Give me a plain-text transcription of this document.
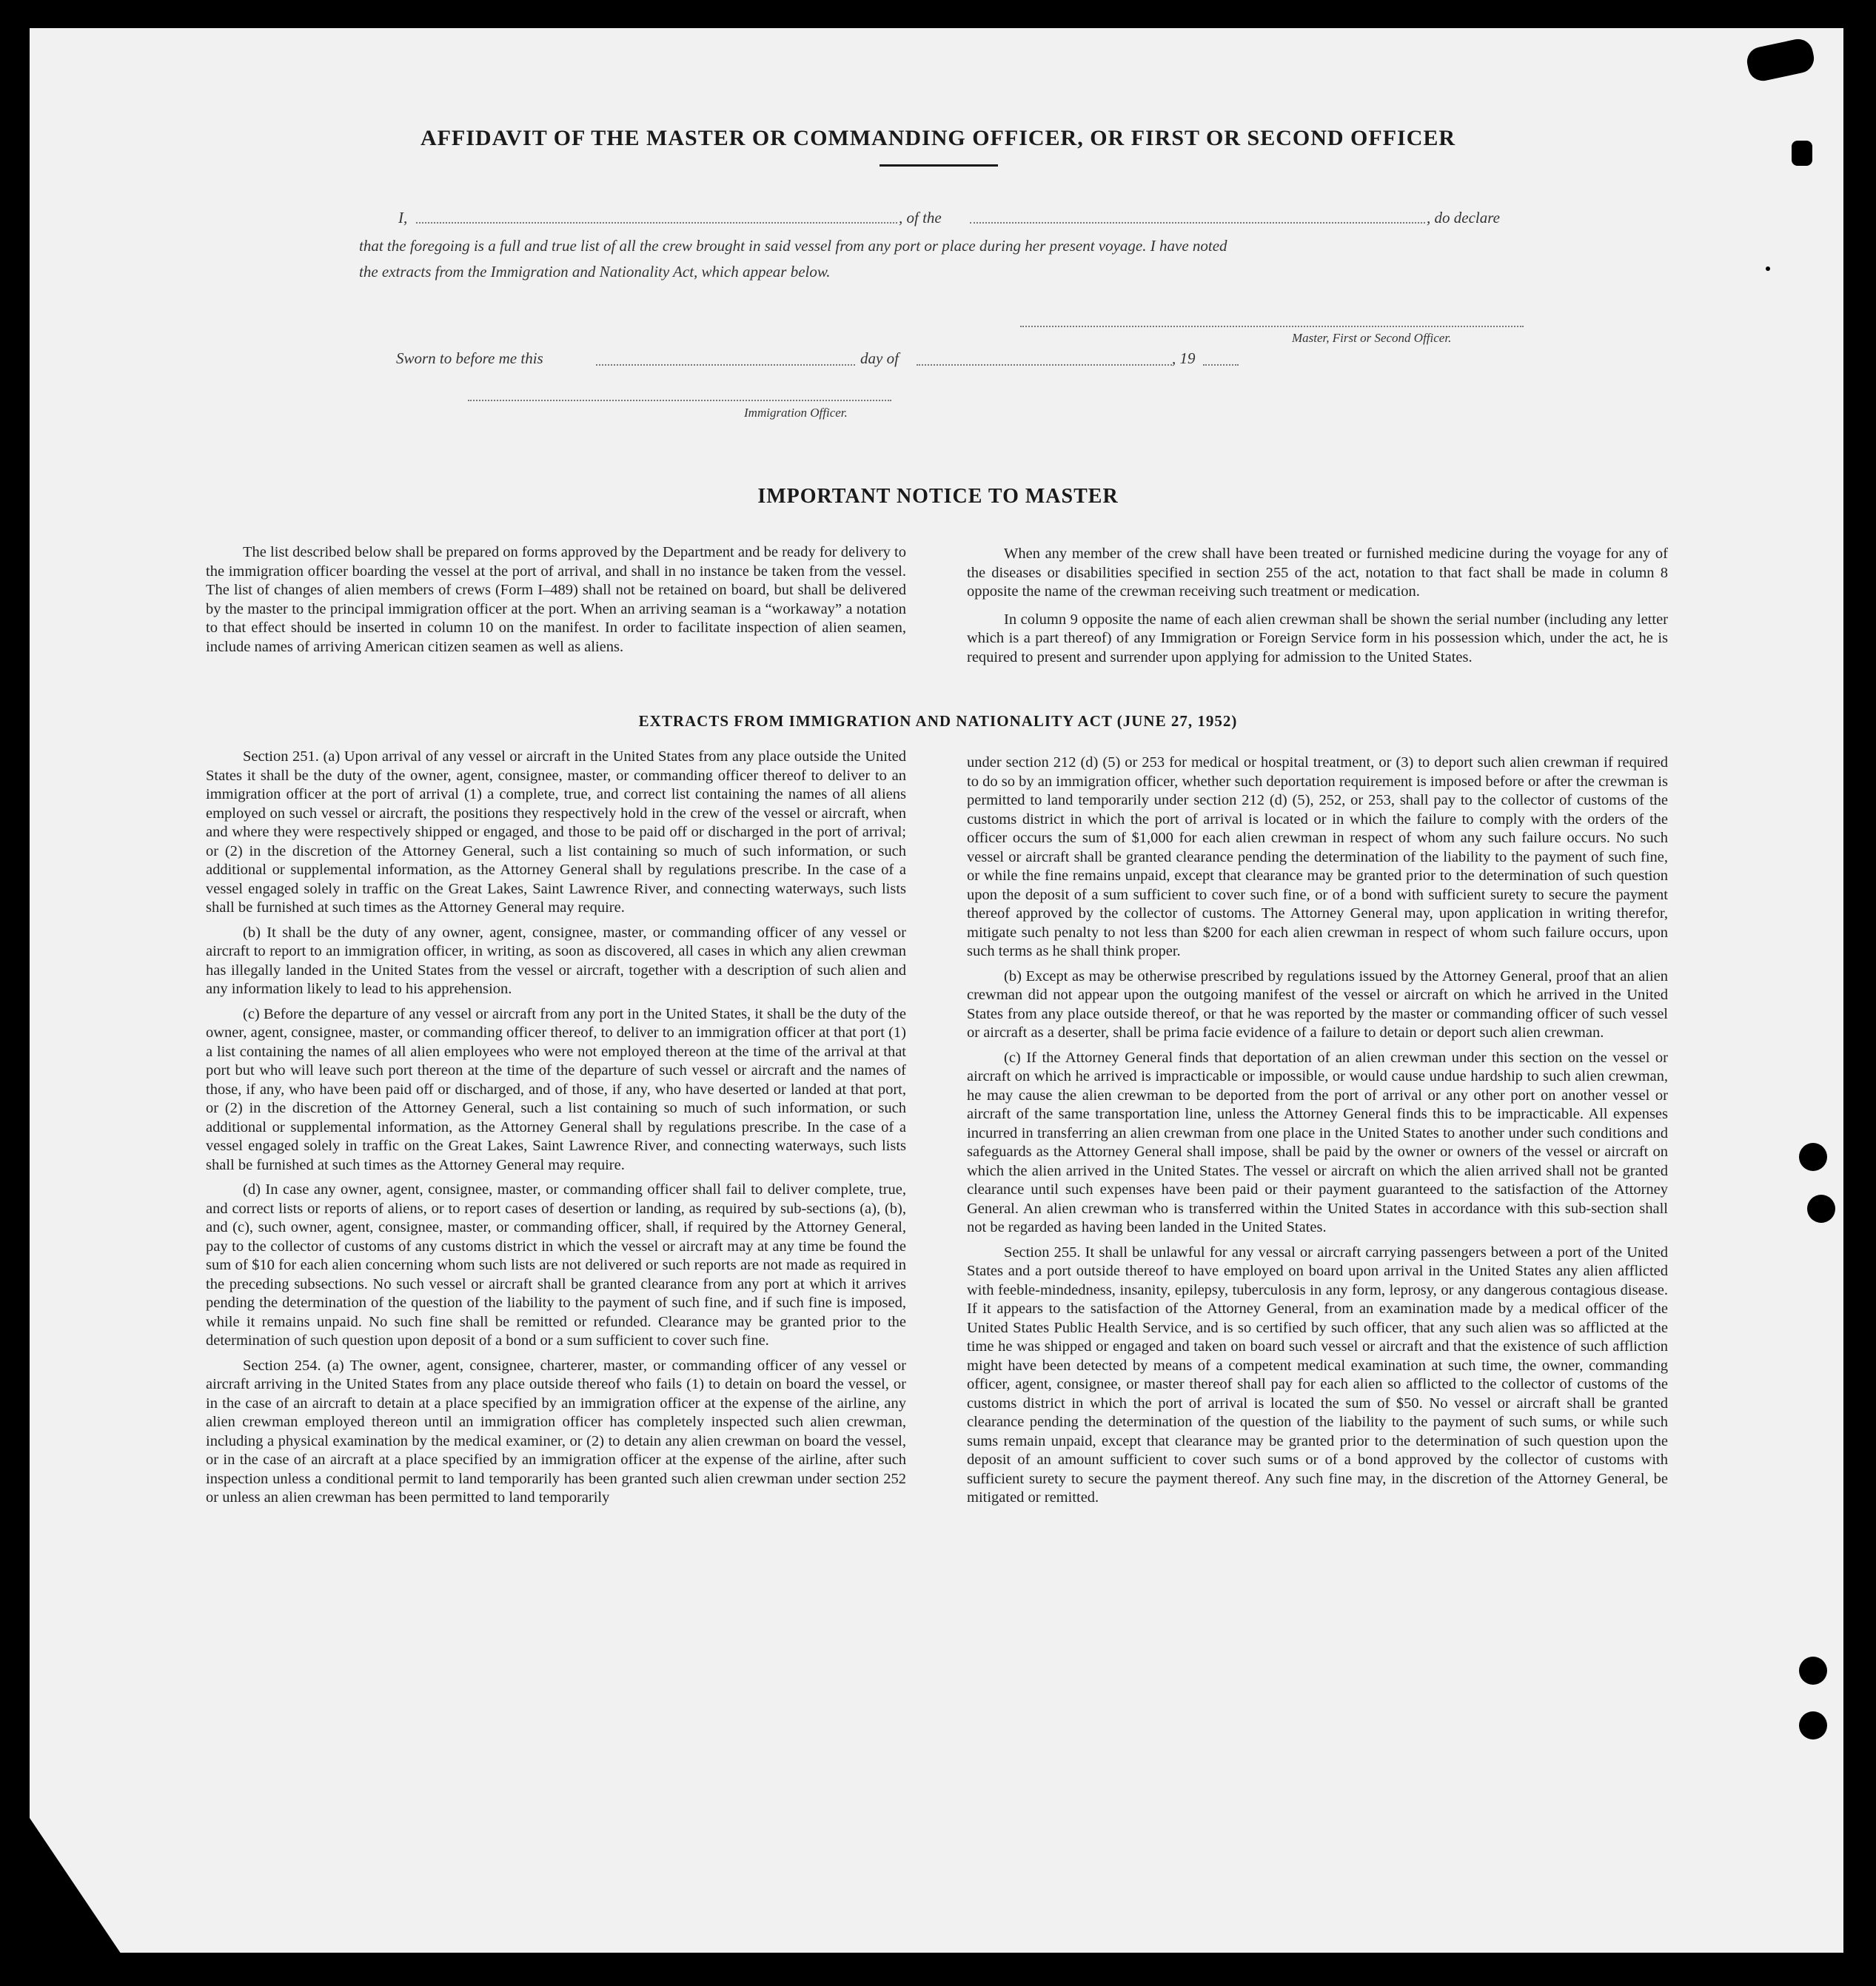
AFFIDAVIT OF THE MASTER OR COMMANDING OFFICER, OR FIRST OR SECOND OFFICER
I,	, of the	, do declare
that the foregoing is a full and true list of all the crew brought in said vessel from any port or place during her present voyage. I have noted
the extracts from the Immigration and Nationality Act, which appear below.
Master, First or Second Officer.
Sworn to before me this	day of	, 19
Immigration Officer.
IMPORTANT NOTICE TO MASTER

The list described below shall be prepared on forms approved by the Department and be ready for delivery to the immigration officer boarding the vessel at the port of arrival, and shall in no instance be taken from the vessel. The list of changes of alien members of crews (Form I–489) shall not be retained on board, but shall be delivered by the master to the principal immigration officer at the port. When an arriving seaman is a “workaway” a notation to that effect should be inserted in column 10 on the manifest. In order to facilitate inspection of alien seamen, include names of arriving American citizen seamen as well as aliens.

When any member of the crew shall have been treated or furnished medicine during the voyage for any of the diseases or disabilities specified in section 255 of the act, notation to that fact shall be made in column 8 opposite the name of the crewman receiving such treatment or medication.

In column 9 opposite the name of each alien crewman shall be shown the serial number (including any letter which is a part thereof) of any Immigration or Foreign Service form in his possession which, under the act, he is required to present and surrender upon applying for admission to the United States.

EXTRACTS FROM IMMIGRATION AND NATIONALITY ACT (JUNE 27, 1952)

Section 251. (a) Upon arrival of any vessel or aircraft in the United States from any place outside the United States it shall be the duty of the owner, agent, consignee, master, or commanding officer thereof to deliver to an immigration officer at the port of arrival (1) a complete, true, and correct list containing the names of all aliens employed on such vessel or aircraft, the positions they respectively hold in the crew of the vessel or aircraft, when and where they were respectively shipped or engaged, and those to be paid off or discharged in the port of arrival; or (2) in the discretion of the Attorney General, such a list containing so much of such information, or such additional or supplemental information, as the Attorney General shall by regulations prescribe. In the case of a vessel engaged solely in traffic on the Great Lakes, Saint Lawrence River, and connecting waterways, such lists shall be furnished at such times as the Attorney General may require.

(b) It shall be the duty of any owner, agent, consignee, master, or commanding officer of any vessel or aircraft to report to an immigration officer, in writing, as soon as discovered, all cases in which any alien crewman has illegally landed in the United States from the vessel or aircraft, together with a description of such alien and any information likely to lead to his apprehension.

(c) Before the departure of any vessel or aircraft from any port in the United States, it shall be the duty of the owner, agent, consignee, master, or commanding officer thereof, to deliver to an immigration officer at that port (1) a list containing the names of all alien employees who were not employed thereon at the time of the arrival at that port but who will leave such port thereon at the time of the departure of such vessel or aircraft and the names of those, if any, who have been paid off or discharged, and of those, if any, who have deserted or landed at that port, or (2) in the discretion of the Attorney General, such a list containing so much of such information, or such additional or supplemental information, as the Attorney General shall by regulations prescribe. In the case of a vessel engaged solely in traffic on the Great Lakes, Saint Lawrence River, and connecting waterways, such lists shall be furnished at such times as the Attorney General may require.

(d) In case any owner, agent, consignee, master, or commanding officer shall fail to deliver complete, true, and correct lists or reports of aliens, or to report cases of desertion or landing, as required by sub-sections (a), (b), and (c), such owner, agent, consignee, master, or commanding officer, shall, if required by the Attorney General, pay to the collector of customs of any customs district in which the vessel or aircraft may at any time be found the sum of $10 for each alien concerning whom such lists are not delivered or such reports are not made as required in the preceding subsections. No such vessel or aircraft shall be granted clearance from any port at which it arrives pending the determination of the question of the liability to the payment of such fine, and if such fine is imposed, while it remains unpaid. No such fine shall be remitted or refunded. Clearance may be granted prior to the determination of such question upon deposit of a bond or a sum sufficient to cover such fine.

Section 254. (a) The owner, agent, consignee, charterer, master, or commanding officer of any vessel or aircraft arriving in the United States from any place outside thereof who fails (1) to detain on board the vessel, or in the case of an aircraft to detain at a place specified by an immigration officer at the expense of the airline, any alien crewman employed thereon until an immigration officer has completely inspected such alien crewman, including a physical examination by the medical examiner, or (2) to detain any alien crewman on board the vessel, or in the case of an aircraft at a place specified by an immigration officer at the expense of the airline, after such inspection unless a conditional permit to land temporarily has been granted such alien crewman under section 252 or unless an alien crewman has been permitted to land temporarily

under section 212 (d) (5) or 253 for medical or hospital treatment, or (3) to deport such alien crewman if required to do so by an immigration officer, whether such deportation requirement is imposed before or after the crewman is permitted to land temporarily under section 212 (d) (5), 252, or 253, shall pay to the collector of customs of the customs district in which the port of arrival is located or in which the failure to comply with the orders of the officer occurs the sum of $1,000 for each alien crewman in respect of whom any such failure occurs. No such vessel or aircraft shall be granted clearance pending the determination of the liability to the payment of such fine, or while the fine remains unpaid, except that clearance may be granted prior to the determination of such question upon the deposit of a sum sufficient to cover such fine, or of a bond with sufficient surety to secure the payment thereof approved by the collector of customs. The Attorney General may, upon application in writing therefor, mitigate such penalty to not less than $200 for each alien crewman in respect of whom such failure occurs, upon such terms as he shall think proper.

(b) Except as may be otherwise prescribed by regulations issued by the Attorney General, proof that an alien crewman did not appear upon the outgoing manifest of the vessel or aircraft on which he arrived in the United States from any place outside thereof, or that he was reported by the master or commanding officer of such vessel or aircraft as a deserter, shall be prima facie evidence of a failure to detain or deport such alien crewman.

(c) If the Attorney General finds that deportation of an alien crewman under this section on the vessel or aircraft on which he arrived is impracticable or impossible, or would cause undue hardship to such alien crewman, he may cause the alien crewman to be deported from the port of arrival or any other port on another vessel or aircraft of the same transportation line, unless the Attorney General finds this to be impracticable. All expenses incurred in transferring an alien crewman from one place in the United States to another under such conditions and safeguards as the Attorney General shall impose, shall be paid by the owner or owners of the vessel or aircraft on which the alien arrived in the United States. The vessel or aircraft on which the alien arrived shall not be granted clearance until such expenses have been paid or their payment guaranteed to the satisfaction of the Attorney General. An alien crewman who is transferred within the United States in accordance with this sub-section shall not be regarded as having been landed in the United States.

Section 255. It shall be unlawful for any vessal or aircraft carrying passengers between a port of the United States and a port outside thereof to have employed on board upon arrival in the United States any alien afflicted with feeble-mindedness, insanity, epilepsy, tuberculosis in any form, leprosy, or any dangerous contagious disease. If it appears to the satisfaction of the Attorney General, from an examination made by a medical officer of the United States Public Health Service, and is so certified by such officer, that any such alien was so afflicted at the time he was shipped or engaged and taken on board such vessel or aircraft and that the existence of such affliction might have been detected by means of a competent medical examination at such time, the owner, commanding officer, agent, consignee, or master thereof shall pay for each alien so afflicted to the collector of customs of the customs district in which the port of arrival is located the sum of $50. No vessel or aircraft shall be granted clearance pending the determination of the question of the liability to the payment of such sums, or while such sums remain unpaid, except that clearance may be granted prior to the determination of such question upon the deposit of an amount sufficient to cover such sums or of a bond approved by the collector of customs with sufficient surety to secure the payment thereof. Any such fine may, in the discretion of the Attorney General, be mitigated or remitted.
